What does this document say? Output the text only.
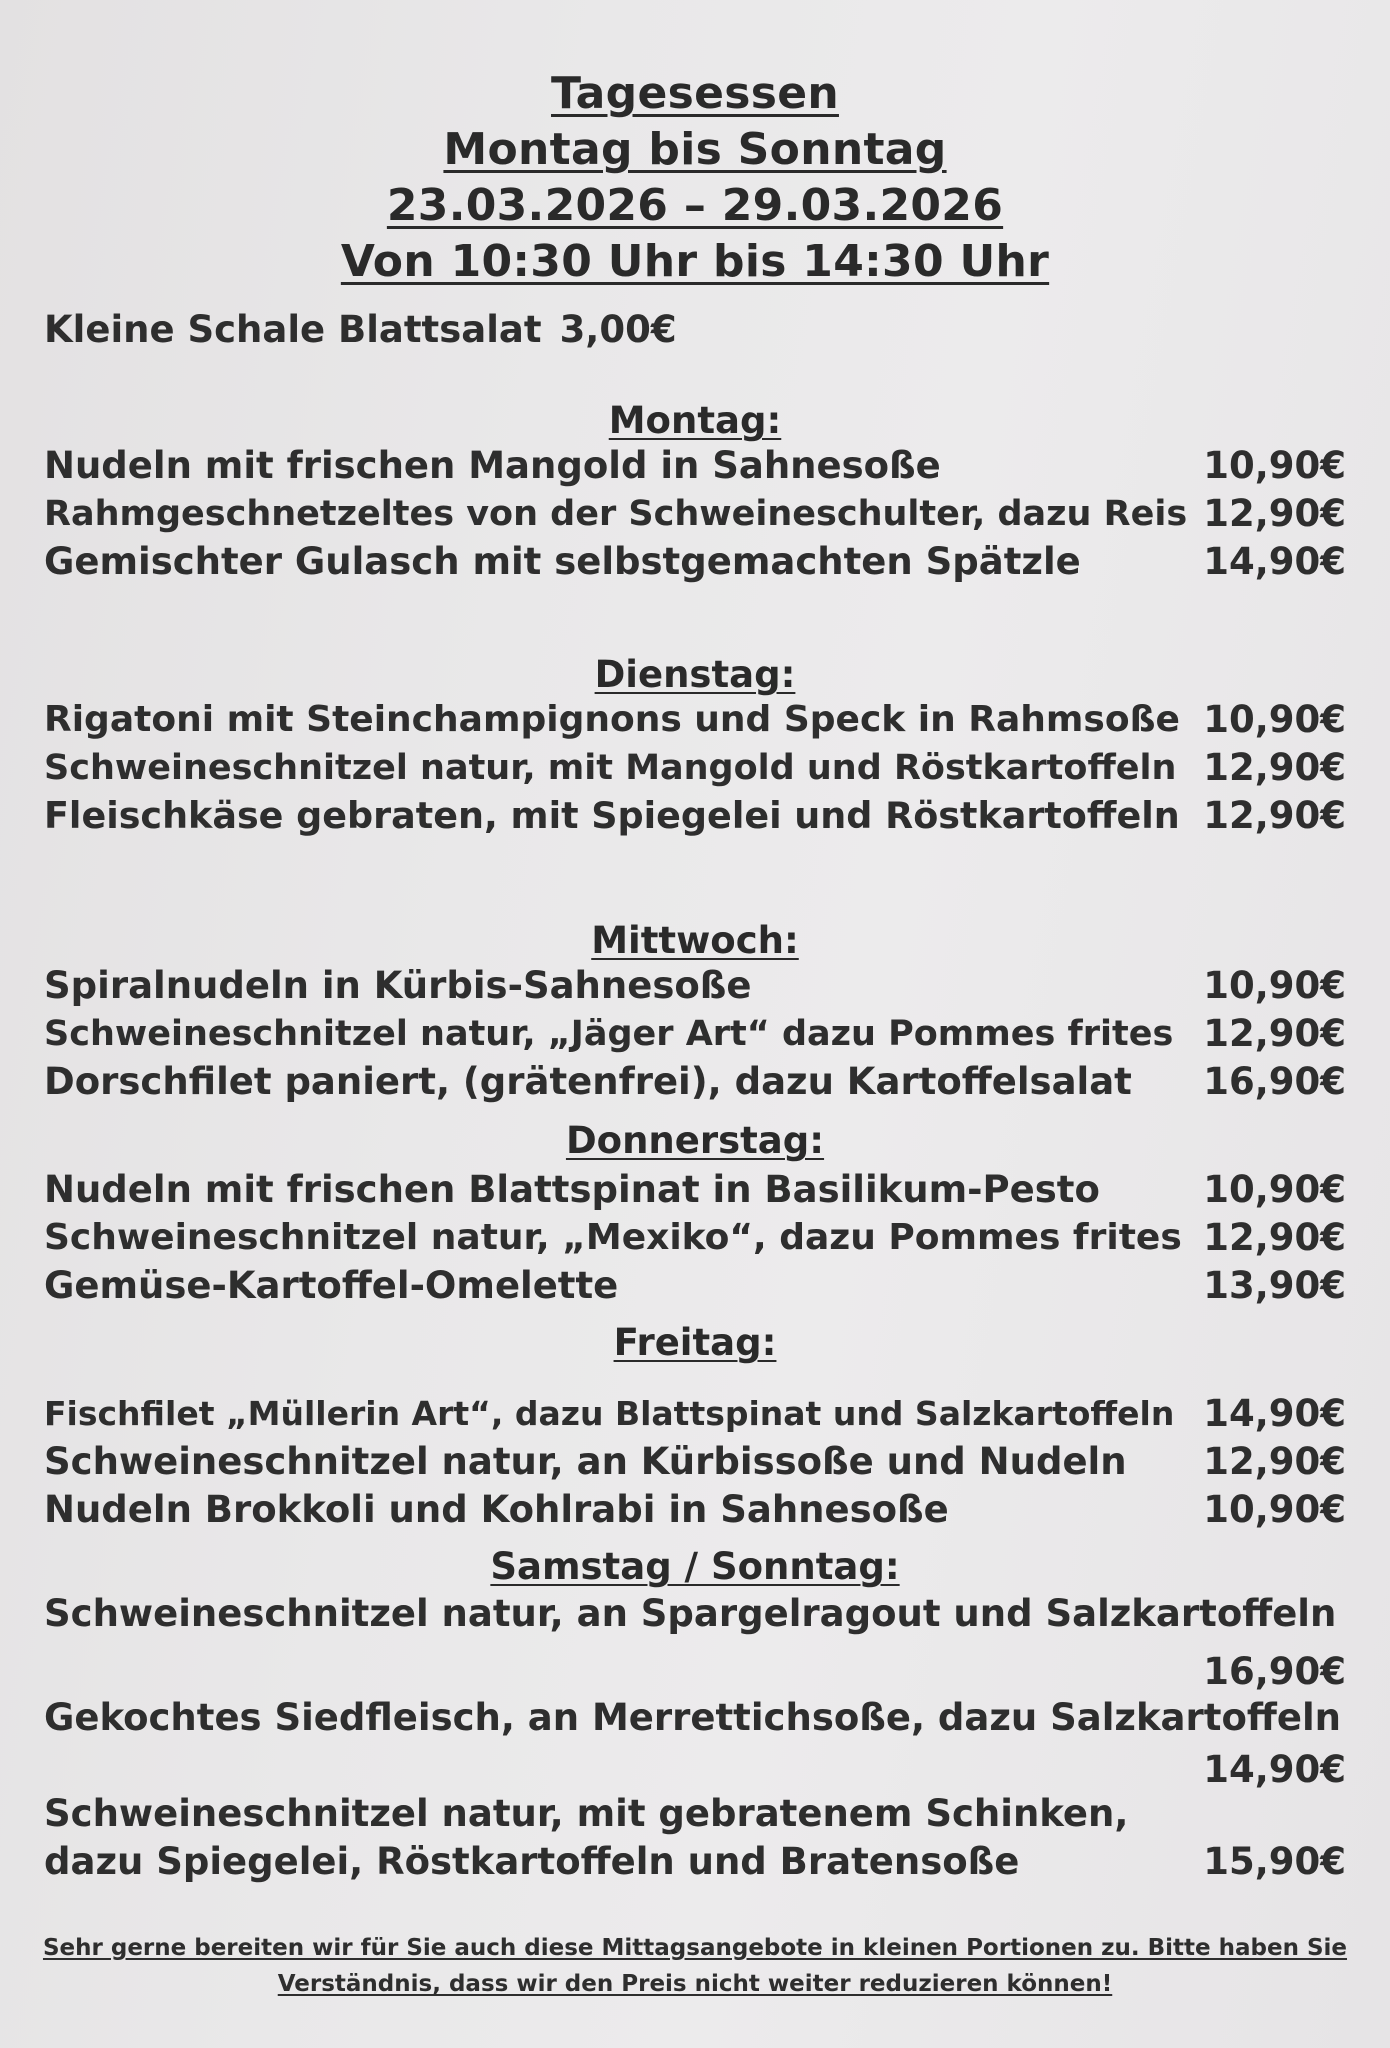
Tagesessen
Montag bis Sonntag
23.03.2026 – 29.03.2026
Von 10:30 Uhr bis 14:30 Uhr
Kleine Schale Blattsalat 3,00€
Montag:
Nudeln mit frischen Mangold in Sahnesoße	10,90€
Rahmgeschnetzeltes von der Schweineschulter, dazu Reis 12,90€
Gemischter Gulasch mit selbstgemachten Spätzle	14,90€
Dienstag:
Rigatoni mit Steinchampignons und Speck in Rahmsoße 10,90€
Schweineschnitzel natur, mit Mangold und Röstkartoffeln 12,90€
Fleischkäse gebraten, mit Spiegelei und Röstkartoffeln 12,90€
Mittwoch:
Spiralnudeln in Kürbis-Sahnesoße	10,90€
Schweineschnitzel natur, „Jäger Art“ dazu Pommes frites 12,90€
Dorschfilet paniert, (grätenfrei), dazu Kartoffelsalat 16,90€
Donnerstag:
Nudeln mit frischen Blattspinat in Basilikum-Pesto	10,90€
Schweineschnitzel natur, „Mexiko“, dazu Pommes frites 12,90€
Gemüse-Kartoffel-Omelette	13,90€
Freitag:
Fischfilet „Müllerin Art“, dazu Blattspinat und Salzkartoffeln 14,90€
Schweineschnitzel natur, an Kürbissoße und Nudeln 12,90€
Nudeln Brokkoli und Kohlrabi in Sahnesoße	10,90€
Samstag / Sonntag:
Schweineschnitzel natur, an Spargelragout und Salzkartoffeln
16,90€
Gekochtes Siedfleisch, an Merrettichsoße, dazu Salzkartoffeln
14,90€
Schweineschnitzel natur, mit gebratenem Schinken,
dazu Spiegelei, Röstkartoffeln und Bratensoße	15,90€
Sehr gerne bereiten wir für Sie auch diese Mittagsangebote in kleinen Portionen zu. Bitte haben Sie
Verständnis, dass wir den Preis nicht weiter reduzieren können!
